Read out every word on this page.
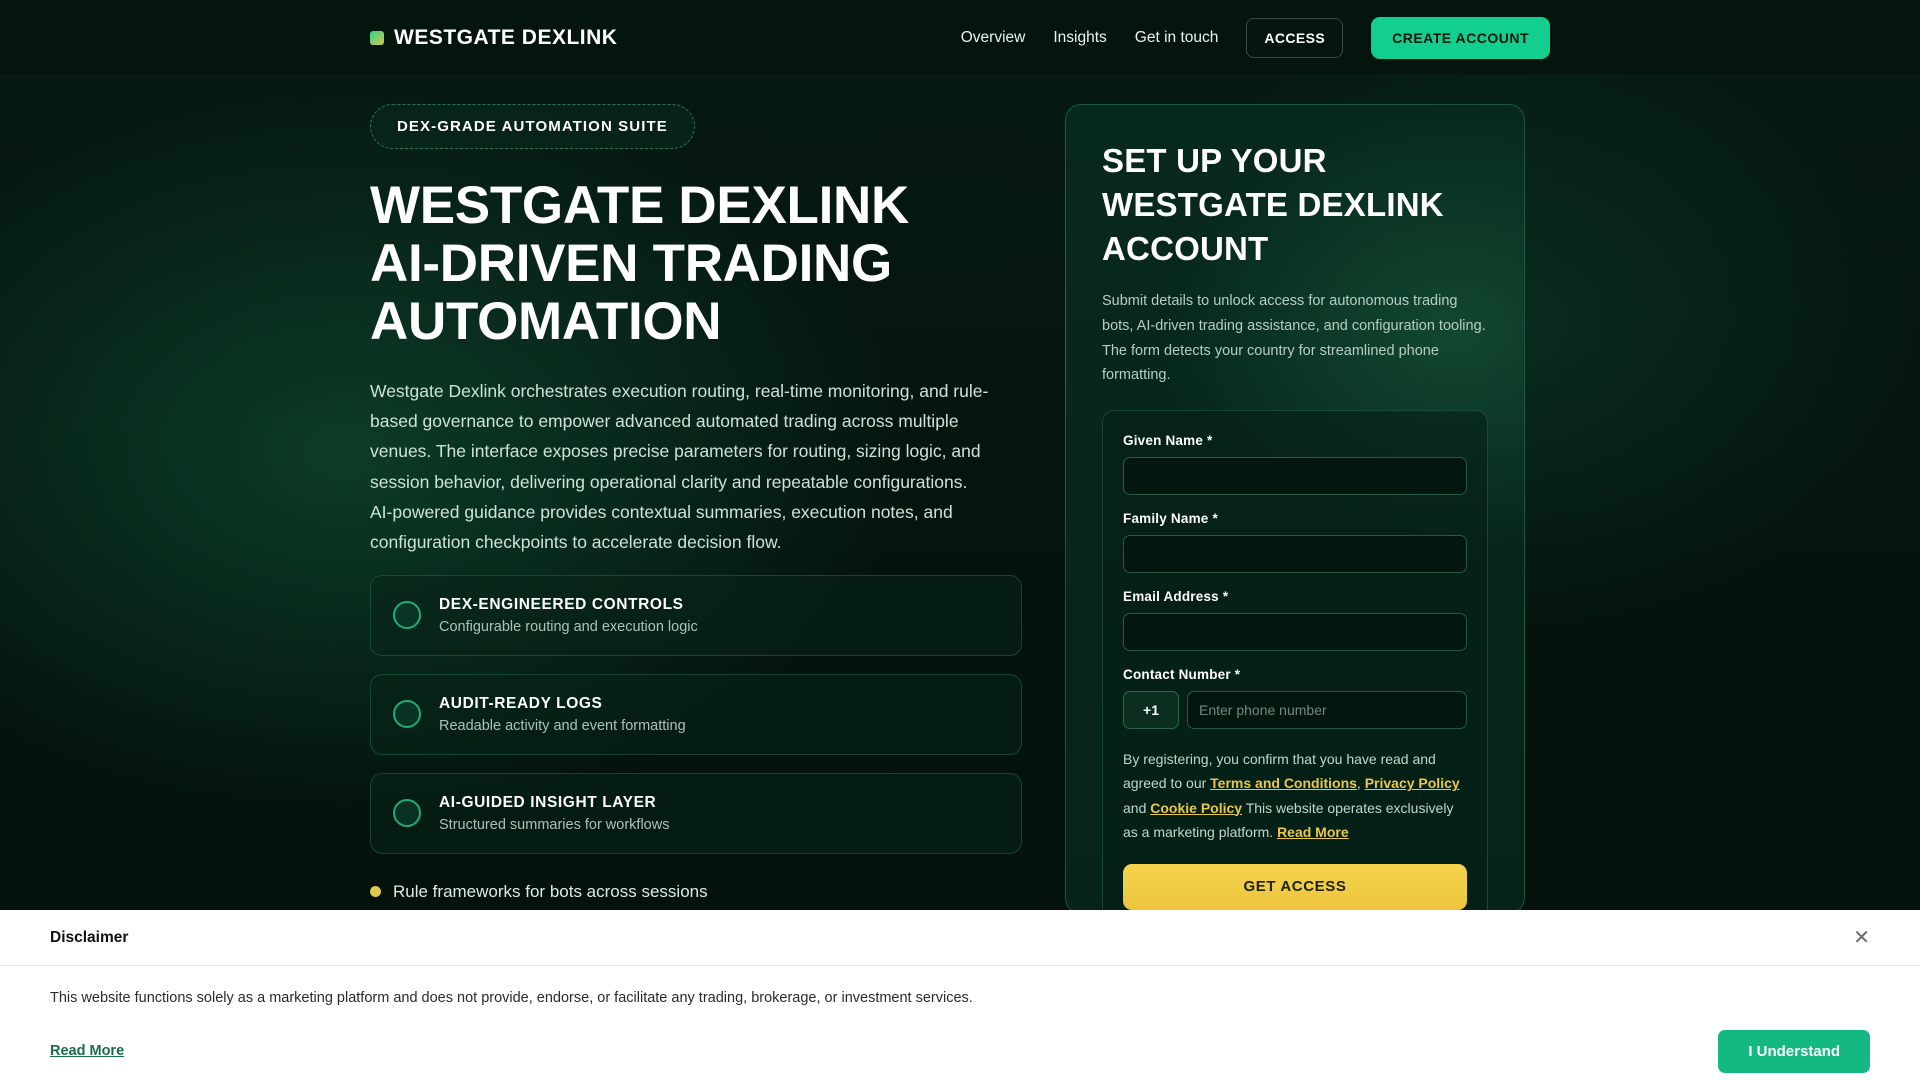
WESTGATE DEXLINK	Overview Insights Get in touch	ACCESS	CREATE ACCOUNT
DEX-GRADE AUTOMATION SUITE
WESTGATE DEXLINK AI-DRIVEN TRADING AUTOMATION

Westgate Dexlink orchestrates execution routing, real-time monitoring, and rule-based governance to empower advanced automated trading across multiple venues. The interface exposes precise parameters for routing, sizing logic, and session behavior, delivering operational clarity and repeatable configurations. AI-powered guidance provides contextual summaries, execution notes, and configuration checkpoints to accelerate decision flow.

DEX-ENGINEERED CONTROLS
Configurable routing and execution logic
AUDIT-READY LOGS
Readable activity and event formatting
AI-GUIDED INSIGHT LAYER
Structured summaries for workflows
Rule frameworks for bots across sessions
SET UP YOUR WESTGATE DEXLINK ACCOUNT
Submit details to unlock access for autonomous trading bots, AI-driven trading assistance, and configuration tooling. The form detects your country for streamlined phone formatting.
Given Name *
Family Name *
Email Address *
Contact Number *
+1
Enter phone number
By registering, you confirm that you have read and agreed to our Terms and Conditions, Privacy Policy and Cookie Policy This website operates exclusively as a marketing platform. Read More
GET ACCESS
Disclaimer	✕
This website functions solely as a marketing platform and does not provide, endorse, or facilitate any trading, brokerage, or investment services.
Read More	I Understand
